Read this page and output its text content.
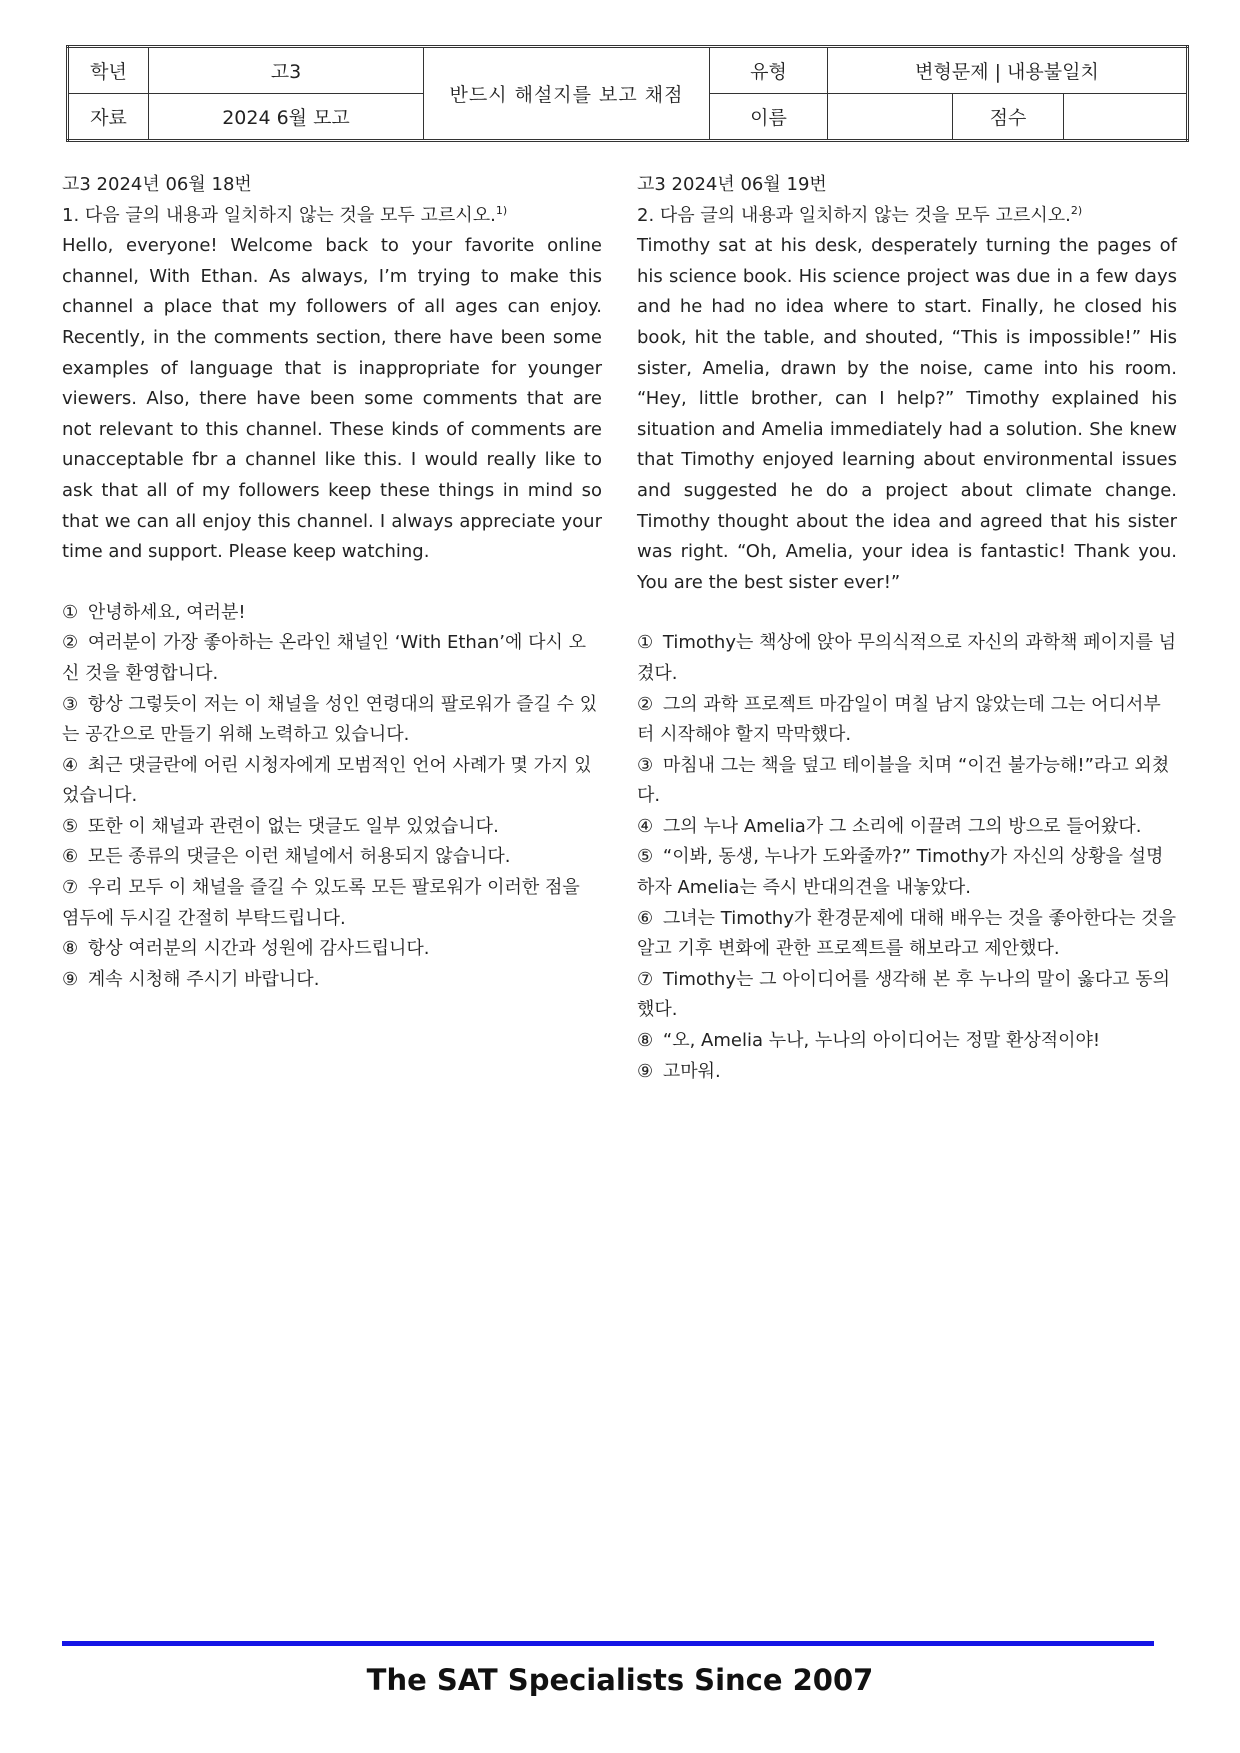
학년	고3	반드시 해설지를 보고 채점	유형	변형문제 | 내용불일치		
자료	2024 6월 모고		이름		점수	
고3 2024년 06월 18번
1. 다음 글의 내용과 일치하지 않는 것을 모두 고르시오.$^{1)}$

Hello, everyone! Welcome back to your favorite online channel, With Ethan. As always, I’m trying to make this channel a place that my followers of all ages can enjoy. Recently, in the comments section, there have been some examples of language that is inappropriate for younger viewers. Also, there have been some comments that are not relevant to this channel. These kinds of comments are unacceptable fbr a channel like this. I would really like to ask that all of my followers keep these things in mind so that we can all enjoy this channel. I always appreciate your time and support. Please keep watching.

① 안녕하세요, 여러분!

② 여러분이 가장 좋아하는 온라인 채널인 ‘With Ethan’에 다시 오신 것을 환영합니다.

③ 항상 그렇듯이 저는 이 채널을 성인 연령대의 팔로워가 즐길 수 있는 공간으로 만들기 위해 노력하고 있습니다.

④ 최근 댓글란에 어린 시청자에게 모범적인 언어 사례가 몇 가지 있었습니다.

⑤ 또한 이 채널과 관련이 없는 댓글도 일부 있었습니다.

⑥ 모든 종류의 댓글은 이런 채널에서 허용되지 않습니다.

⑦ 우리 모두 이 채널을 즐길 수 있도록 모든 팔로워가 이러한 점을 염두에 두시길 간절히 부탁드립니다.

⑧ 항상 여러분의 시간과 성원에 감사드립니다.

⑨ 계속 시청해 주시기 바랍니다.

고3 2024년 06월 19번
2. 다음 글의 내용과 일치하지 않는 것을 모두 고르시오.$^{2)}$

Timothy sat at his desk, desperately turning the pages of his science book. His science project was due in a few days and he had no idea where to start. Finally, he closed his book, hit the table, and shouted, “This is impossible!” His sister, Amelia, drawn by the noise, came into his room. “Hey, little brother, can I help?” Timothy explained his situation and Amelia immediately had a solution. She knew that Timothy enjoyed learning about environmental issues and suggested he do a project about climate change. Timothy thought about the idea and agreed that his sister was right. “Oh, Amelia, your idea is fantastic! Thank you. You are the best sister ever!”

① Timothy는 책상에 앉아 무의식적으로 자신의 과학책 페이지를 넘겼다.

② 그의 과학 프로젝트 마감일이 며칠 남지 않았는데 그는 어디서부터 시작해야 할지 막막했다.

③ 마침내 그는 책을 덮고 테이블을 치며 “이건 불가능해!”라고 외쳤다.

④ 그의 누나 Amelia가 그 소리에 이끌려 그의 방으로 들어왔다.

⑤ “이봐, 동생, 누나가 도와줄까?” Timothy가 자신의 상황을 설명하자 Amelia는 즉시 반대의견을 내놓았다.

⑥ 그녀는 Timothy가 환경문제에 대해 배우는 것을 좋아한다는 것을 알고 기후 변화에 관한 프로젝트를 해보라고 제안했다.

⑦ Timothy는 그 아이디어를 생각해 본 후 누나의 말이 옳다고 동의했다.

⑧ “오, Amelia 누나, 누나의 아이디어는 정말 환상적이야!

⑨ 고마워.

The SAT Specialists Since 2007
